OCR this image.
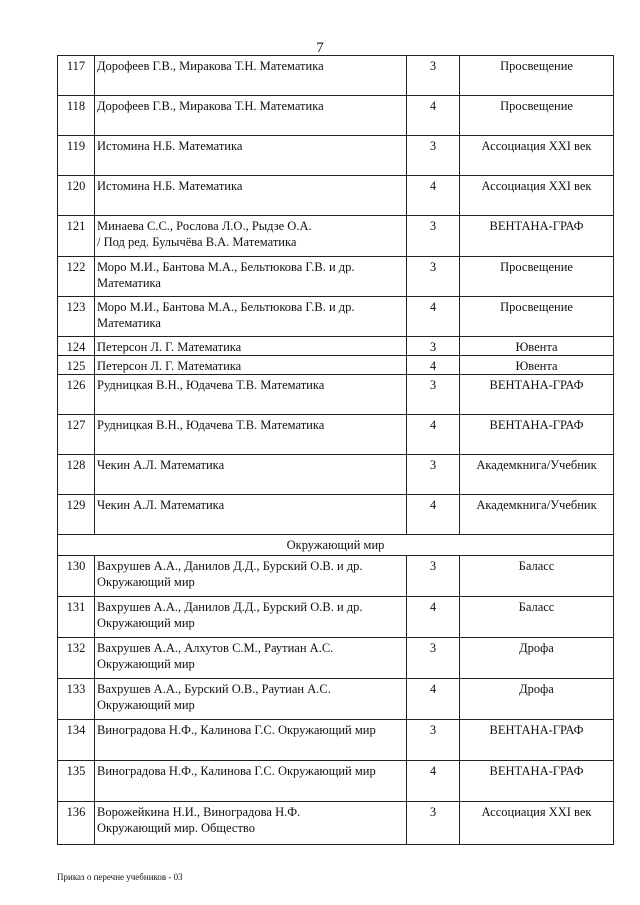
7
117	Дорофеев Г.В., Миракова Т.Н. Математика	3	Просвещение
118	Дорофеев Г.В., Миракова Т.Н. Математика	4	Просвещение
119	Истомина Н.Б. Математика	3	Ассоциация XXI век
120	Истомина Н.Б. Математика	4	Ассоциация XXI век
121	Минаева С.С., Рослова Л.О., Рыдзе О.А.
/ Под ред. Булычёва В.А. Математика	3	ВЕНТАНА-ГРАФ
122	Моро М.И., Бантова М.А., Бельтюкова Г.В. и др.
Математика	3	Просвещение
123	Моро М.И., Бантова М.А., Бельтюкова Г.В. и др.
Математика	4	Просвещение
124	Петерсон Л. Г. Математика	3	Ювента
125	Петерсон Л. Г. Математика	4	Ювента
126	Рудницкая В.Н., Юдачева Т.В. Математика	3	ВЕНТАНА-ГРАФ
127	Рудницкая В.Н., Юдачева Т.В. Математика	4	ВЕНТАНА-ГРАФ
128	Чекин А.Л. Математика	3	Академкнига/Учебник
129	Чекин А.Л. Математика	4	Академкнига/Учебник
Окружающий мир			
130	Вахрушев А.А., Данилов Д.Д., Бурский О.В. и др.
Окружающий мир	3	Баласс
131	Вахрушев А.А., Данилов Д.Д., Бурский О.В. и др.
Окружающий мир	4	Баласс
132	Вахрушев А.А., Алхутов С.М., Раутиан А.С.
Окружающий мир	3	Дрофа
133	Вахрушев А.А., Бурский О.В., Раутиан А.С.
Окружающий мир	4	Дрофа
134	Виноградова Н.Ф., Калинова Г.С. Окружающий мир	3	ВЕНТАНА-ГРАФ
135	Виноградова Н.Ф., Калинова Г.С. Окружающий мир	4	ВЕНТАНА-ГРАФ
136	Ворожейкина Н.И., Виноградова Н.Ф.
Окружающий мир. Общество	3	Ассоциация XXI век
Приказ о перечне учебников - 03
